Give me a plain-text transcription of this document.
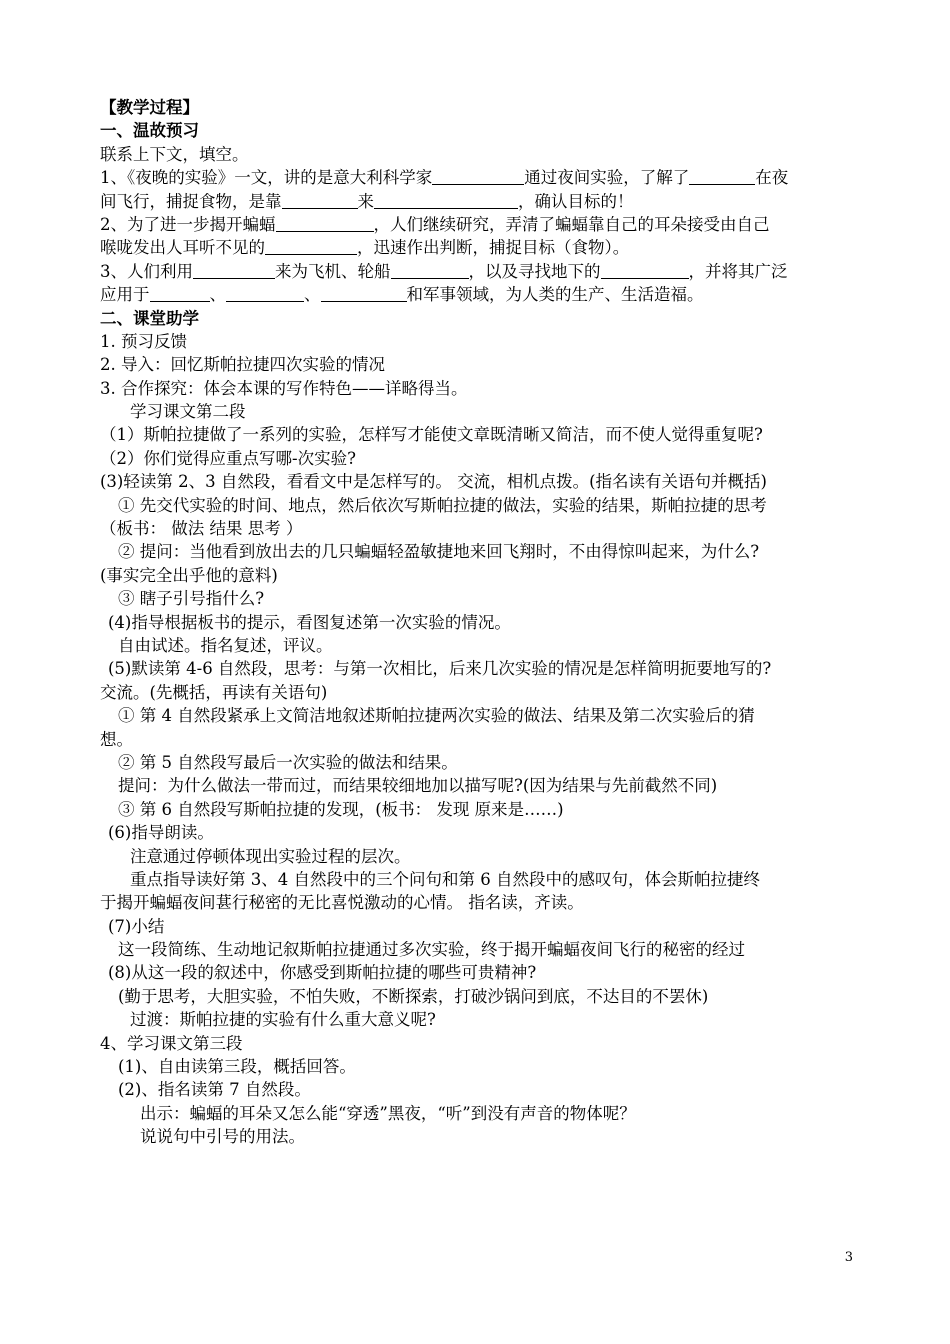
【教学过程】
一、温故预习
联系上下文，填空。
1、《夜晚的实验》一文，讲的是意大利科学家	通过夜间实验，了解了	在夜
间飞行，捕捉食物，是靠	来	，确认目标的！
2、为了进一步揭开蝙蝠	，人们继续研究，弄清了蝙蝠靠自己的耳朵接受由自己
喉咙发出人耳听不见的	，迅速作出判断，捕捉目标（食物）。
3、人们利用	来为飞机、轮船	，以及寻找地下的	，并将其广泛
应用于	、	、	和军事领域，为人类的生产、生活造福。
二、课堂助学
1. 预习反馈
2. 导入：回忆斯帕拉捷四次实验的情况
3. 合作探究：体会本课的写作特色——详略得当。
学习课文第二段
（1）斯帕拉捷做了一系列的实验，怎样写才能使文章既清晰又简洁，而不使人觉得重复呢?
（2）你们觉得应重点写哪-次实验?
(3)轻读第 2、3 自然段，看看文中是怎样写的。 交流，相机点拨。(指名读有关语句并概括)
① 先交代实验的时间、地点，然后依次写斯帕拉捷的做法，实验的结果，斯帕拉捷的思考
（板书： 做法 结果 思考 ）
② 提问：当他看到放出去的几只蝙蝠轻盈敏捷地来回飞翔时，不由得惊叫起来，为什么?
(事实完全出乎他的意料)
③ 瞎子引号指什么?
(4)指导根据板书的提示，看图复述第一次实验的情况。
自由试述。指名复述，评议。
(5)默读第 4-6 自然段，思考：与第一次相比，后来几次实验的情况是怎样简明扼要地写的?
交流。(先概括，再读有关语句)
① 第 4 自然段紧承上文简洁地叙述斯帕拉捷两次实验的做法、结果及第二次实验后的猜
想。
② 第 5 自然段写最后一次实验的做法和结果。
提问：为什么做法一带而过，而结果较细地加以描写呢?(因为结果与先前截然不同)
③ 第 6 自然段写斯帕拉捷的发现，(板书： 发现 原来是……)
(6)指导朗读。
注意通过停顿体现出实验过程的层次。
重点指导读好第 3、4 自然段中的三个问句和第 6 自然段中的感叹句，体会斯帕拉捷终
于揭开蝙蝠夜间葚行秘密的无比喜悦激动的心情。 指名读，齐读。
(7)小结
这一段简练、生动地记叙斯帕拉捷通过多次实验，终于揭开蝙蝠夜间飞行的秘密的经过
(8)从这一段的叙述中，你感受到斯帕拉捷的哪些可贵精神?
(勤于思考，大胆实验，不怕失败，不断探索，打破沙锅问到底，不达目的不罢休)
过渡：斯帕拉捷的实验有什么重大意义呢?
4、学习课文第三段
(1)、自由读第三段，概括回答。
(2)、指名读第 7 自然段。
出示：蝙蝠的耳朵又怎么能“穿透”黑夜，“听”到没有声音的物体呢？
说说句中引号的用法。
3
